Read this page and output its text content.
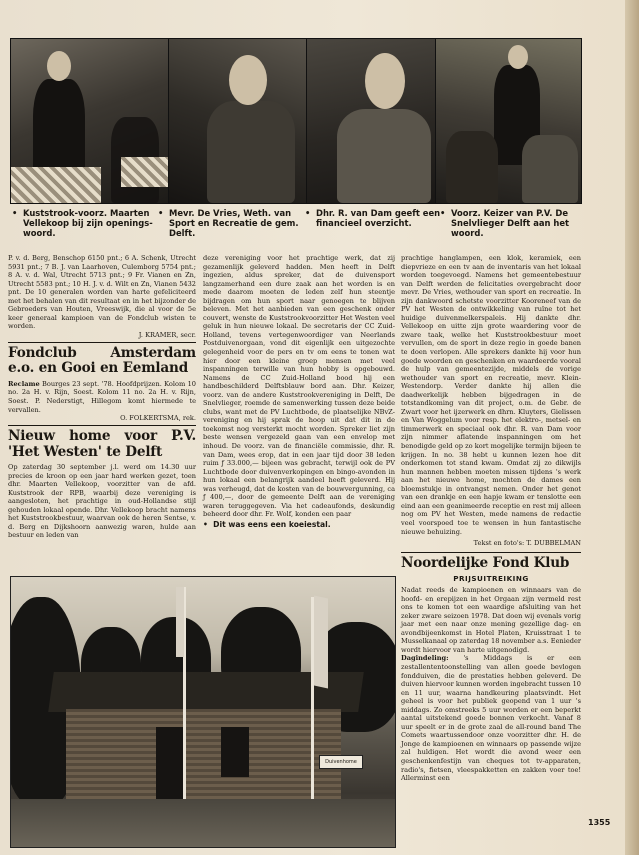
• Kuststrook-voorz. Maarten Vellekoop bij zijn openings-woord.
• Mevr. De Vries, Weth. van Sport en Recreatie de gem. Delft.
• Dhr. R. van Dam geeft een financieel overzicht.
• Voorz. Keizer van P.V. De Snelvlieger Delft aan het woord.

P. v. d. Berg, Benschop 6150 pnt.; 6 A. Schenk, Utrecht 5931 pnt.; 7 B. J. van Laarhoven, Culemborg 5754 pnt.; 8 A. v. d. Wal, Utrecht 5713 pnt.; 9 Fr. Vianen en Zn, Utrecht 5583 pnt.; 10 H. J. v. d. Wilt en Zn, Vianen 5432 pnt. De 10 generalen worden van harte gefeliciteerd met het behalen van dit resultaat en in het bijzonder de Gebroeders van Houten, Vreeswijk, die al voor de 5e keer generaal kampioen van de Fondclub wisten te worden.

J. KRAMER, secr.
Fondclub Amsterdam e.o. en Gooi en Eemland

Reclame Bourges 23 sept. '78. Hoofdprijzen. Kolom 10 no. 2a H. v. Rijn, Soest. Kolom 11 no. 2a H. v. Rijn, Soest. P. Nederstigt, Hillegom komt hiermede te vervallen.

O. FOLKERTSMA, rek.
Nieuw home voor P.V. 'Het Westen' te Delft

Op zaterdag 30 september j.l. werd om 14.30 uur precies de kroon op een jaar hard werken gezet, toen dhr. Maarten Vellekoop, voorzitter van de afd. Kuststrook der RPB, waarbij deze vereniging is aangesloten, het prachtige in oud-Hollandse stijl gehouden lokaal opende. Dhr. Vellekoop bracht namens het Kuststrookbestuur, waarvan ook de heren Sentse, v. d. Berg en Dijkshoorn aanwezig waren, hulde aan bestuur en leden van

deze vereniging voor het prachtige werk, dat zij gezamenlijk geleverd hadden. Men heeft in Delft ingezien, aldus spreker, dat de duivensport langzamerhand een dure zaak aan het worden is en mede daarom moeten de leden zelf hun steentje bijdragen om hun sport naar genoegen te blijven beleven. Met het aanbieden van een geschenk onder couvert, wenste de Kuststrookvoorzitter Het Westen veel geluk in hun nieuwe lokaal. De secretaris der CC Zuid-Holland, tevens vertegenwoordiger van Neerlands Postduivenorgaan, vond dit eigenlijk een uitgezochte gelegenheid voor de pers en tv om eens te tonen wat hier door een kleine groep mensen met veel inspanningen terwille van hun hobby is opgebouwd. Namens de CC Zuid-Holland bood hij een handbeschilderd Delftsblauw bord aan. Dhr. Keizer, voorz. van de andere Kuststrookvereniging in Delft, De Snelvlieger, roemde de samenwerking tussen deze beide clubs, want met de PV Luchtbode, de plaatselijke NBvZ-vereniging en hij sprak de hoop uit dat dit in de toekomst nog versterkt mocht worden. Spreker liet zijn beste wensen vergezeld gaan van een envelop met inhoud. De voorz. van de financiële commissie, dhr. R. van Dam, wees erop, dat in een jaar tijd door 38 leden ruim ƒ 33.000,— bijeen was gebracht, terwijl ook de PV Luchtbode door duivenverkopingen en bingo-avonden in hun lokaal een belangrijk aandeel heeft geleverd. Hij was verheugd, dat de kosten van de bouwvergunning, ca ƒ 400,—, door de gemeente Delft aan de vereniging waren teruggegeven. Via het cadeaufonds, deskundig beheerd door dhr. Fr. Wolf, konden een paar

• Dit was eens een koeiestal.

prachtige hanglampen, een klok, keramiek, een diepvrieze en een tv aan de inventaris van het lokaal worden toegevoegd. Namens het gemeentebestuur van Delft werden de felicitaties overgebracht door mevr. De Vries, wethouder van sport en recreatie. In zijn dankwoord schetste voorzitter Kooreneef van de PV het Westen de ontwikkeling van ruïne tot het huidige duivenmelkerspaleis. Hij dankte dhr. Vellekoop en uitte zijn grote waardering voor de zware taak, welke het Kuststrookbestuur moet vervullen, om de sport in deze regio in goede banen te doen verlopen. Alle sprekers dankte hij voor hun goede woorden en geschenken en waardeerde vooral de hulp van gemeentezijde, middels de vorige wethouder van sport en recreatie, mevr. Klein-Westendorp. Verder dankte hij allen die daadwerkelijk hebben bijgedragen in de totstandkoming van dit project, o.m. de Gebr. de Zwart voor het ijzerwerk en dhrn. Kluyters, Gielissen en Van Woggelum voor resp. het elektro-, metsel- en timmerwerk en speciaal ook dhr. R. van Dam voor zijn nimmer aflatende inspanningen om het benodigde geld op zo kort mogelijke termijn bijeen te krijgen. In no. 38 hebt u kunnen lezen hoe dit onderkomen tot stand kwam. Omdat zij zo dikwijls hun mannen hebben moeten missen tijdens 's werk aan het nieuwe home, mochten de dames een bloemstukje in ontvangst nemen. Onder het genot van een drankje en een hapje kwam er tenslotte een eind aan een geanimeerde receptie en rest mij alleen nog om PV het Westen, mede namens de redactie veel voorspoed toe te wensen in hun fantastische nieuwe behuizing.

Tekst en foto's: T. DUBBELMAN
Noordelijke Fond Klub
PRIJSUITREIKING

Nadat reeds de kampioenen en winnaars van de hoofd- en erepijzen in het Orgaan zijn vermeld rest ons te komen tot een waardige afsluiting van het zeker zware seizoen 1978. Dat doen wij evenals vorig jaar met een naar onze mening gezellige dag- en avondbijeenkomst in Hotel Platen, Kruisstraat 1 te Musselkanaal op zaterdag 18 november a.s. Eenieder wordt hiervoor van harte uitgenodigd.

Dagindeling: 's Middags is er een zestallententoonstelling van allen goede bevlogen fondduiven, die de prestaties hebben geleverd. De duiven hiervoor kunnen worden ingebracht tussen 10 en 11 uur, waarna handkeuring plaatsvindt. Het geheel is voor het publiek geopend van 1 uur 's middags. Zo omstreeks 5 uur worden er een beperkt aantal uitstekend goede bonnen verkocht. Vanaf 8 uur speelt er in de grote zaal de all-round band The Comets waartussendoor onze voorzitter dhr. H. de Jonge de kampioenen en winnaars op passende wijze zal huldigen. Het wordt die avond weer een geschenkenfestijn van cheques tot tv-apparaten, radio's, fietsen, vleespakketten en zakken voer toe! Allerminst een

Duivenhome
1355
